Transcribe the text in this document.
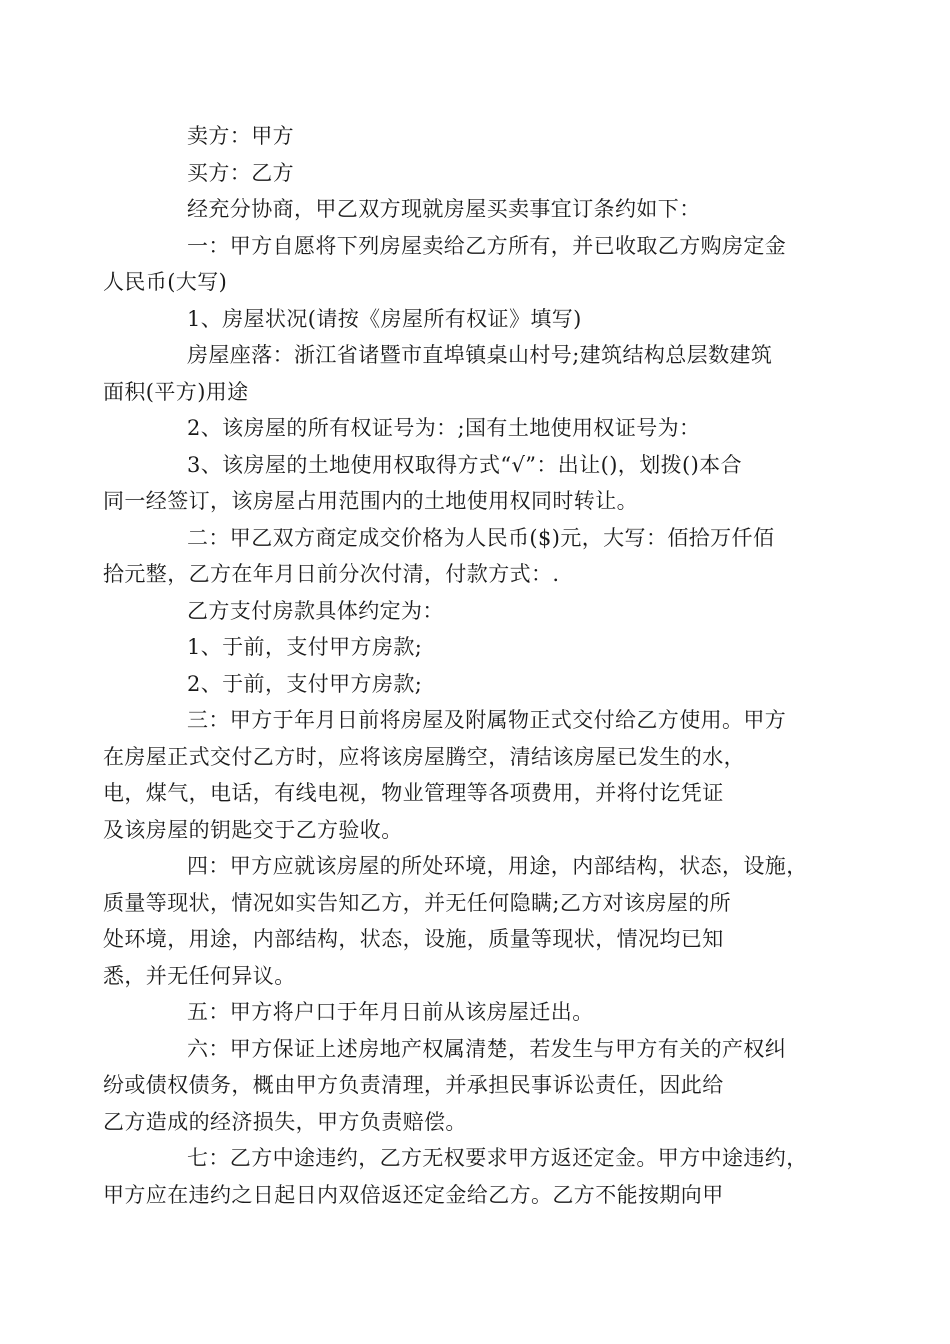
卖方：甲方

买方：乙方

经充分协商，甲乙双方现就房屋买卖事宜订条约如下：

一：甲方自愿将下列房屋卖给乙方所有，并已收取乙方购房定金
人民币(大写)

1、房屋状况(请按《房屋所有权证》填写)

房屋座落：浙江省诸暨市直埠镇桌山村号;建筑结构总层数建筑
面积(平方)用途

2、该房屋的所有权证号为：;国有土地使用权证号为：

3、该房屋的土地使用权取得方式“√”：出让()，划拨()本合
同一经签订，该房屋占用范围内的土地使用权同时转让。

二：甲乙双方商定成交价格为人民币($)元，大写：佰拾万仟佰
拾元整，乙方在年月日前分次付清，付款方式：.

乙方支付房款具体约定为：

1、于前，支付甲方房款;

2、于前，支付甲方房款;

三：甲方于年月日前将房屋及附属物正式交付给乙方使用。甲方
在房屋正式交付乙方时，应将该房屋腾空，清结该房屋已发生的水，
电，煤气，电话，有线电视，物业管理等各项费用，并将付讫凭证
及该房屋的钥匙交于乙方验收。

四：甲方应就该房屋的所处环境，用途，内部结构，状态，设施，
质量等现状，情况如实告知乙方，并无任何隐瞒;乙方对该房屋的所
处环境，用途，内部结构，状态，设施，质量等现状，情况均已知
悉，并无任何异议。

五：甲方将户口于年月日前从该房屋迁出。

六：甲方保证上述房地产权属清楚，若发生与甲方有关的产权纠
纷或债权债务，概由甲方负责清理，并承担民事诉讼责任，因此给
乙方造成的经济损失，甲方负责赔偿。

七：乙方中途违约，乙方无权要求甲方返还定金。甲方中途违约，
甲方应在违约之日起日内双倍返还定金给乙方。乙方不能按期向甲
